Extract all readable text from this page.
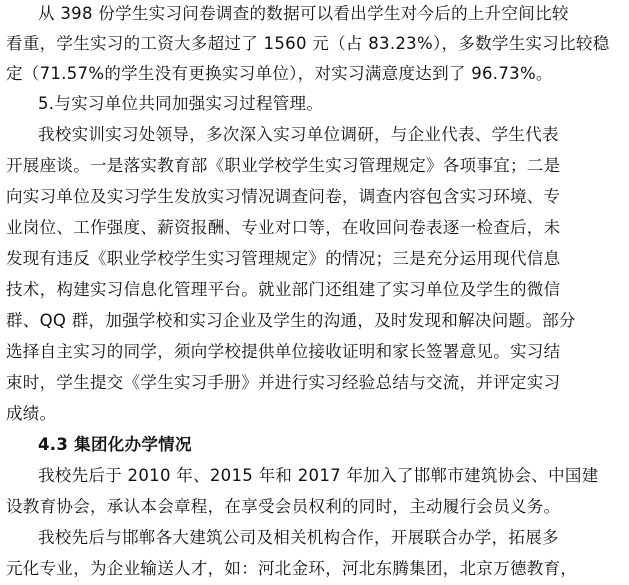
从 398 份学生实习问卷调查的数据可以看出学生对今后的上升空间比较
看重，学生实习的工资大多超过了 1560 元（占 83.23%），多数学生实习比较稳
定（71.57%的学生没有更换实习单位），对实习满意度达到了 96.73%。
5.与实习单位共同加强实习过程管理。
我校实训实习处领导，多次深入实习单位调研，与企业代表、学生代表
开展座谈。一是落实教育部《职业学校学生实习管理规定》各项事宜；二是
向实习单位及实习学生发放实习情况调查问卷，调查内容包含实习环境、专
业岗位、工作强度、薪资报酬、专业对口等，在收回问卷表逐一检查后，未
发现有违反《职业学校学生实习管理规定》的情况；三是充分运用现代信息
技术，构建实习信息化管理平台。就业部门还组建了实习单位及学生的微信
群、QQ 群，加强学校和实习企业及学生的沟通，及时发现和解决问题。部分
选择自主实习的同学，须向学校提供单位接收证明和家长签署意见。实习结
束时，学生提交《学生实习手册》并进行实习经验总结与交流，并评定实习
成绩。
4.3 集团化办学情况
我校先后于 2010 年、2015 年和 2017 年加入了邯郸市建筑协会、中国建
设教育协会，承认本会章程，在享受会员权利的同时，主动履行会员义务。
我校先后与邯郸各大建筑公司及相关机构合作，开展联合办学，拓展多
元化专业，为企业输送人才，如：河北金环，河北东腾集团，北京万德教育，
